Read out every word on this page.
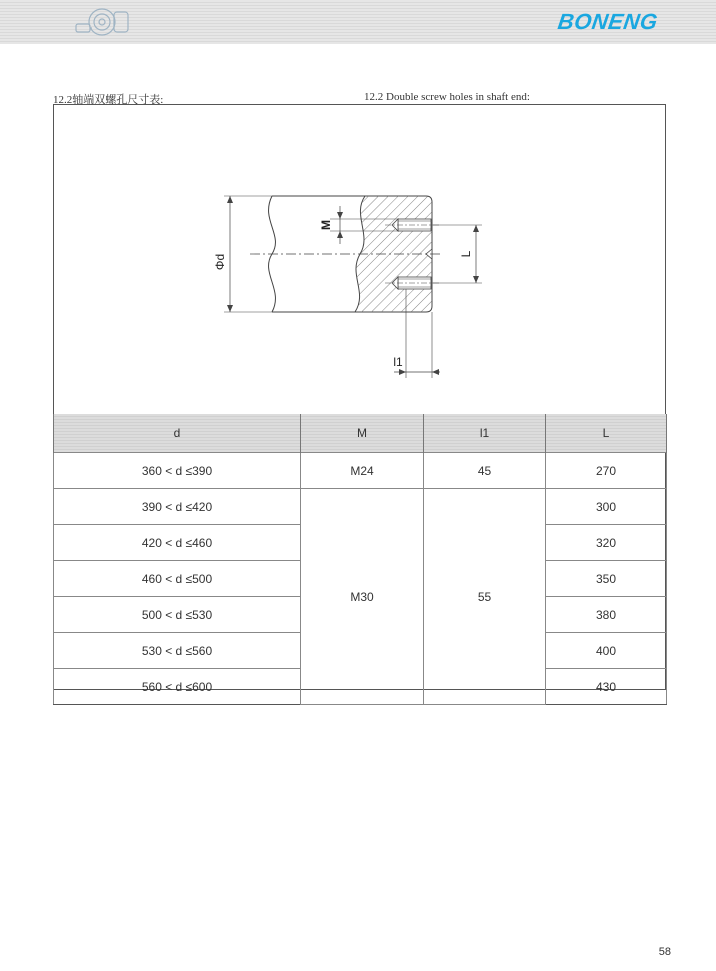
BONENG
12.2轴端双螺孔尺寸表:	12.2 Double screw holes in shaft end:
Φd
M
L
l1
d	M	l1	L
360 < d ≤390	M24	45	270
390 < d ≤420	M30	55	300
420 < d ≤460			320
460 < d ≤500			350
500 < d ≤530			380
530 < d ≤560			400
560 < d ≤600			430
58
